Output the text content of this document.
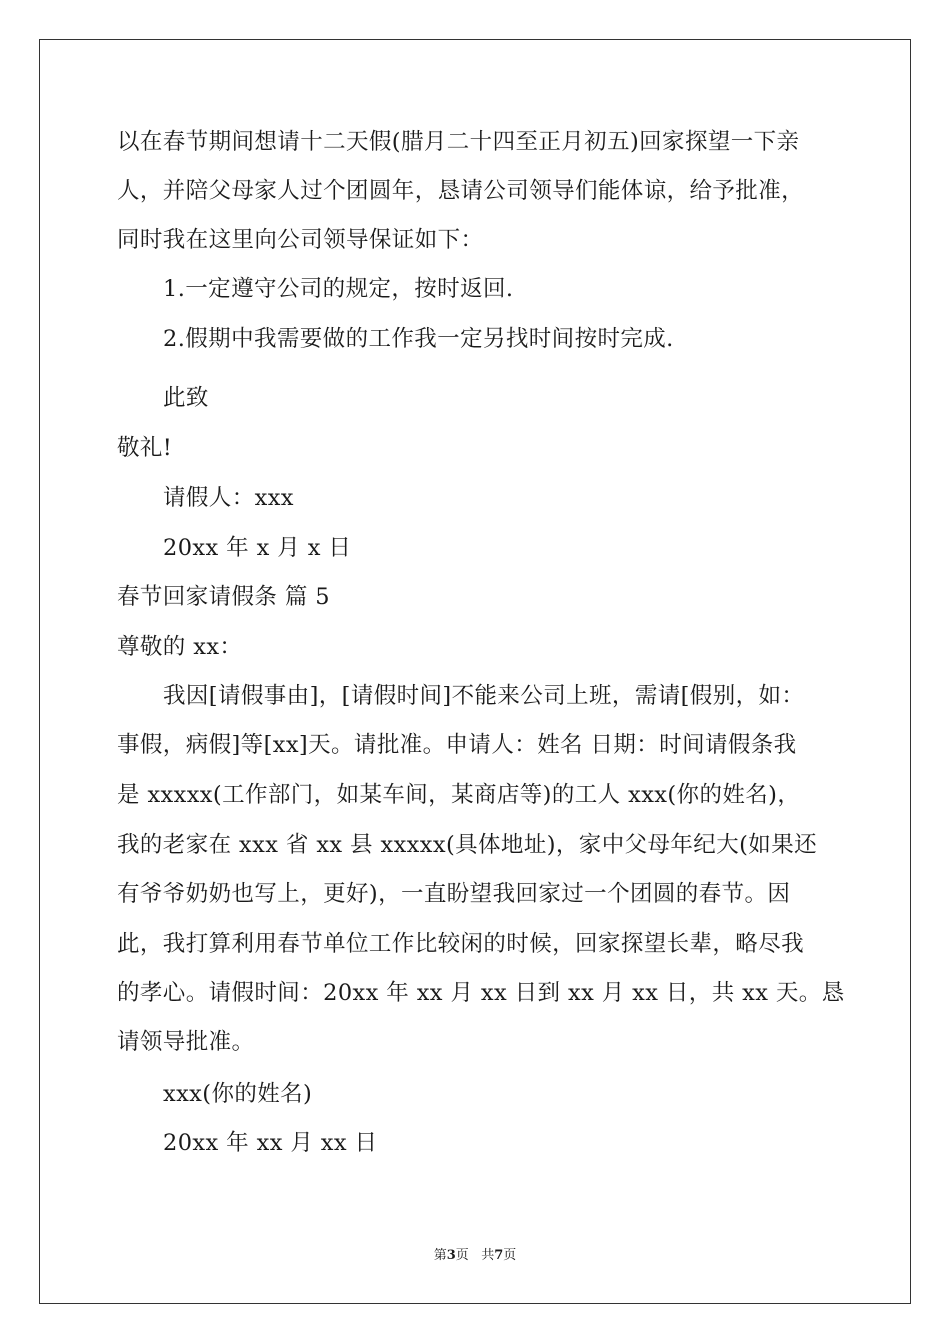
以在春节期间想请十二天假(腊月二十四至正月初五)回家探望一下亲
人，并陪父母家人过个团圆年，恳请公司领导们能体谅，给予批准，
同时我在这里向公司领导保证如下：
1.一定遵守公司的规定，按时返回.
2.假期中我需要做的工作我一定另找时间按时完成.
此致
敬礼!
请假人：xxx
20xx 年 x 月 x 日
春节回家请假条 篇 5
尊敬的 xx：
我因[请假事由]，[请假时间]不能来公司上班，需请[假别，如：
事假，病假]等[xx]天。请批准。申请人：姓名 日期：时间请假条我
是 xxxxx(工作部门，如某车间，某商店等)的工人 xxx(你的姓名)，
我的老家在 xxx 省 xx 县 xxxxx(具体地址)，家中父母年纪大(如果还
有爷爷奶奶也写上，更好)，一直盼望我回家过一个团圆的春节。因
此，我打算利用春节单位工作比较闲的时候，回家探望长辈，略尽我
的孝心。请假时间：20xx 年 xx 月 xx 日到 xx 月 xx 日，共 xx 天。恳
请领导批准。
xxx(你的姓名)
20xx 年 xx 月 xx 日
第3页 共7页
